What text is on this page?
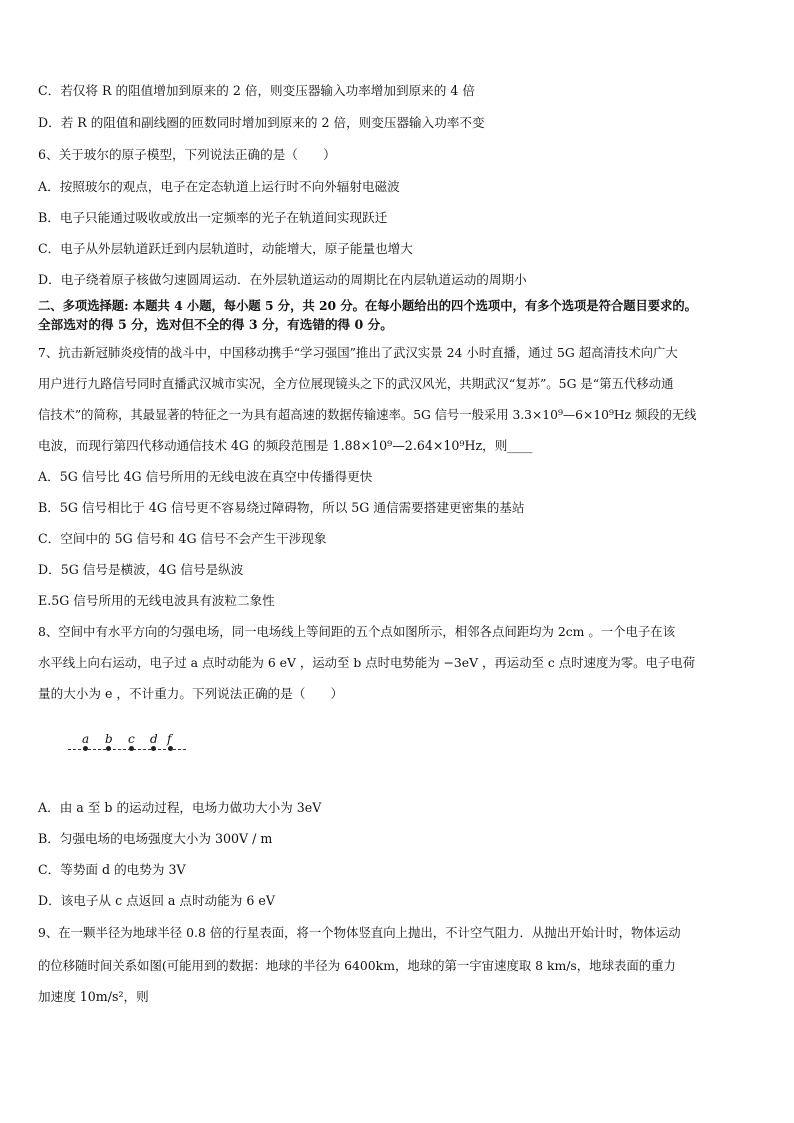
C．若仅将 R 的阻值增加到原来的 2 倍，则变压器输入功率增加到原来的 4 倍
D．若 R 的阻值和副线圈的匝数同时增加到原来的 2 倍，则变压器输入功率不变
6、关于玻尔的原子模型，下列说法正确的是（　　）
A．按照玻尔的观点，电子在定态轨道上运行时不向外辐射电磁波
B．电子只能通过吸收或放出一定频率的光子在轨道间实现跃迁
C．电子从外层轨道跃迁到内层轨道时，动能增大，原子能量也增大
D．电子绕着原子核做匀速圆周运动．在外层轨道运动的周期比在内层轨道运动的周期小
二、多项选择题: 本题共 4 小题，每小题 5 分，共 20 分。在每小题给出的四个选项中，有多个选项是符合题目要求的。
全部选对的得 5 分，选对但不全的得 3 分，有选错的得 0 分。
7、抗击新冠肺炎疫情的战斗中，中国移动携手“学习强国”推出了武汉实景 24 小时直播，通过 5G 超高清技术向广大
用户进行九路信号同时直播武汉城市实况，全方位展现镜头之下的武汉风光，共期武汉“复苏”。5G 是“第五代移动通
信技术”的简称，其最显著的特征之一为具有超高速的数据传输速率。5G 信号一般采用 3.3×10⁹—6×10⁹Hz 频段的无线
电波，而现行第四代移动通信技术 4G 的频段范围是 1.88×10⁹—2.64×10⁹Hz，则____
A．5G 信号比 4G 信号所用的无线电波在真空中传播得更快
B．5G 信号相比于 4G 信号更不容易绕过障碍物，所以 5G 通信需要搭建更密集的基站
C．空间中的 5G 信号和 4G 信号不会产生干涉现象
D．5G 信号是横波，4G 信号是纵波
E.5G 信号所用的无线电波具有波粒二象性
8、空间中有水平方向的匀强电场，同一电场线上等间距的五个点如图所示，相邻各点间距均为 2cm 。一个电子在该
水平线上向右运动，电子过 a 点时动能为 6 eV ，运动至 b 点时电势能为 −3eV ，再运动至 c 点时速度为零。电子电荷
量的大小为 e ，不计重力。下列说法正确的是（　　）
a b c d f
A．由 a 至 b 的运动过程，电场力做功大小为 3eV
B．匀强电场的电场强度大小为 300V / m
C．等势面 d 的电势为 3V
D．该电子从 c 点返回 a 点时动能为 6 eV
9、在一颗半径为地球半径 0.8 倍的行星表面，将一个物体竖直向上抛出，不计空气阻力．从抛出开始计时，物体运动
的位移随时间关系如图(可能用到的数据：地球的半径为 6400km，地球的第一宇宙速度取 8 km/s，地球表面的重力
加速度 10m/s²，则
